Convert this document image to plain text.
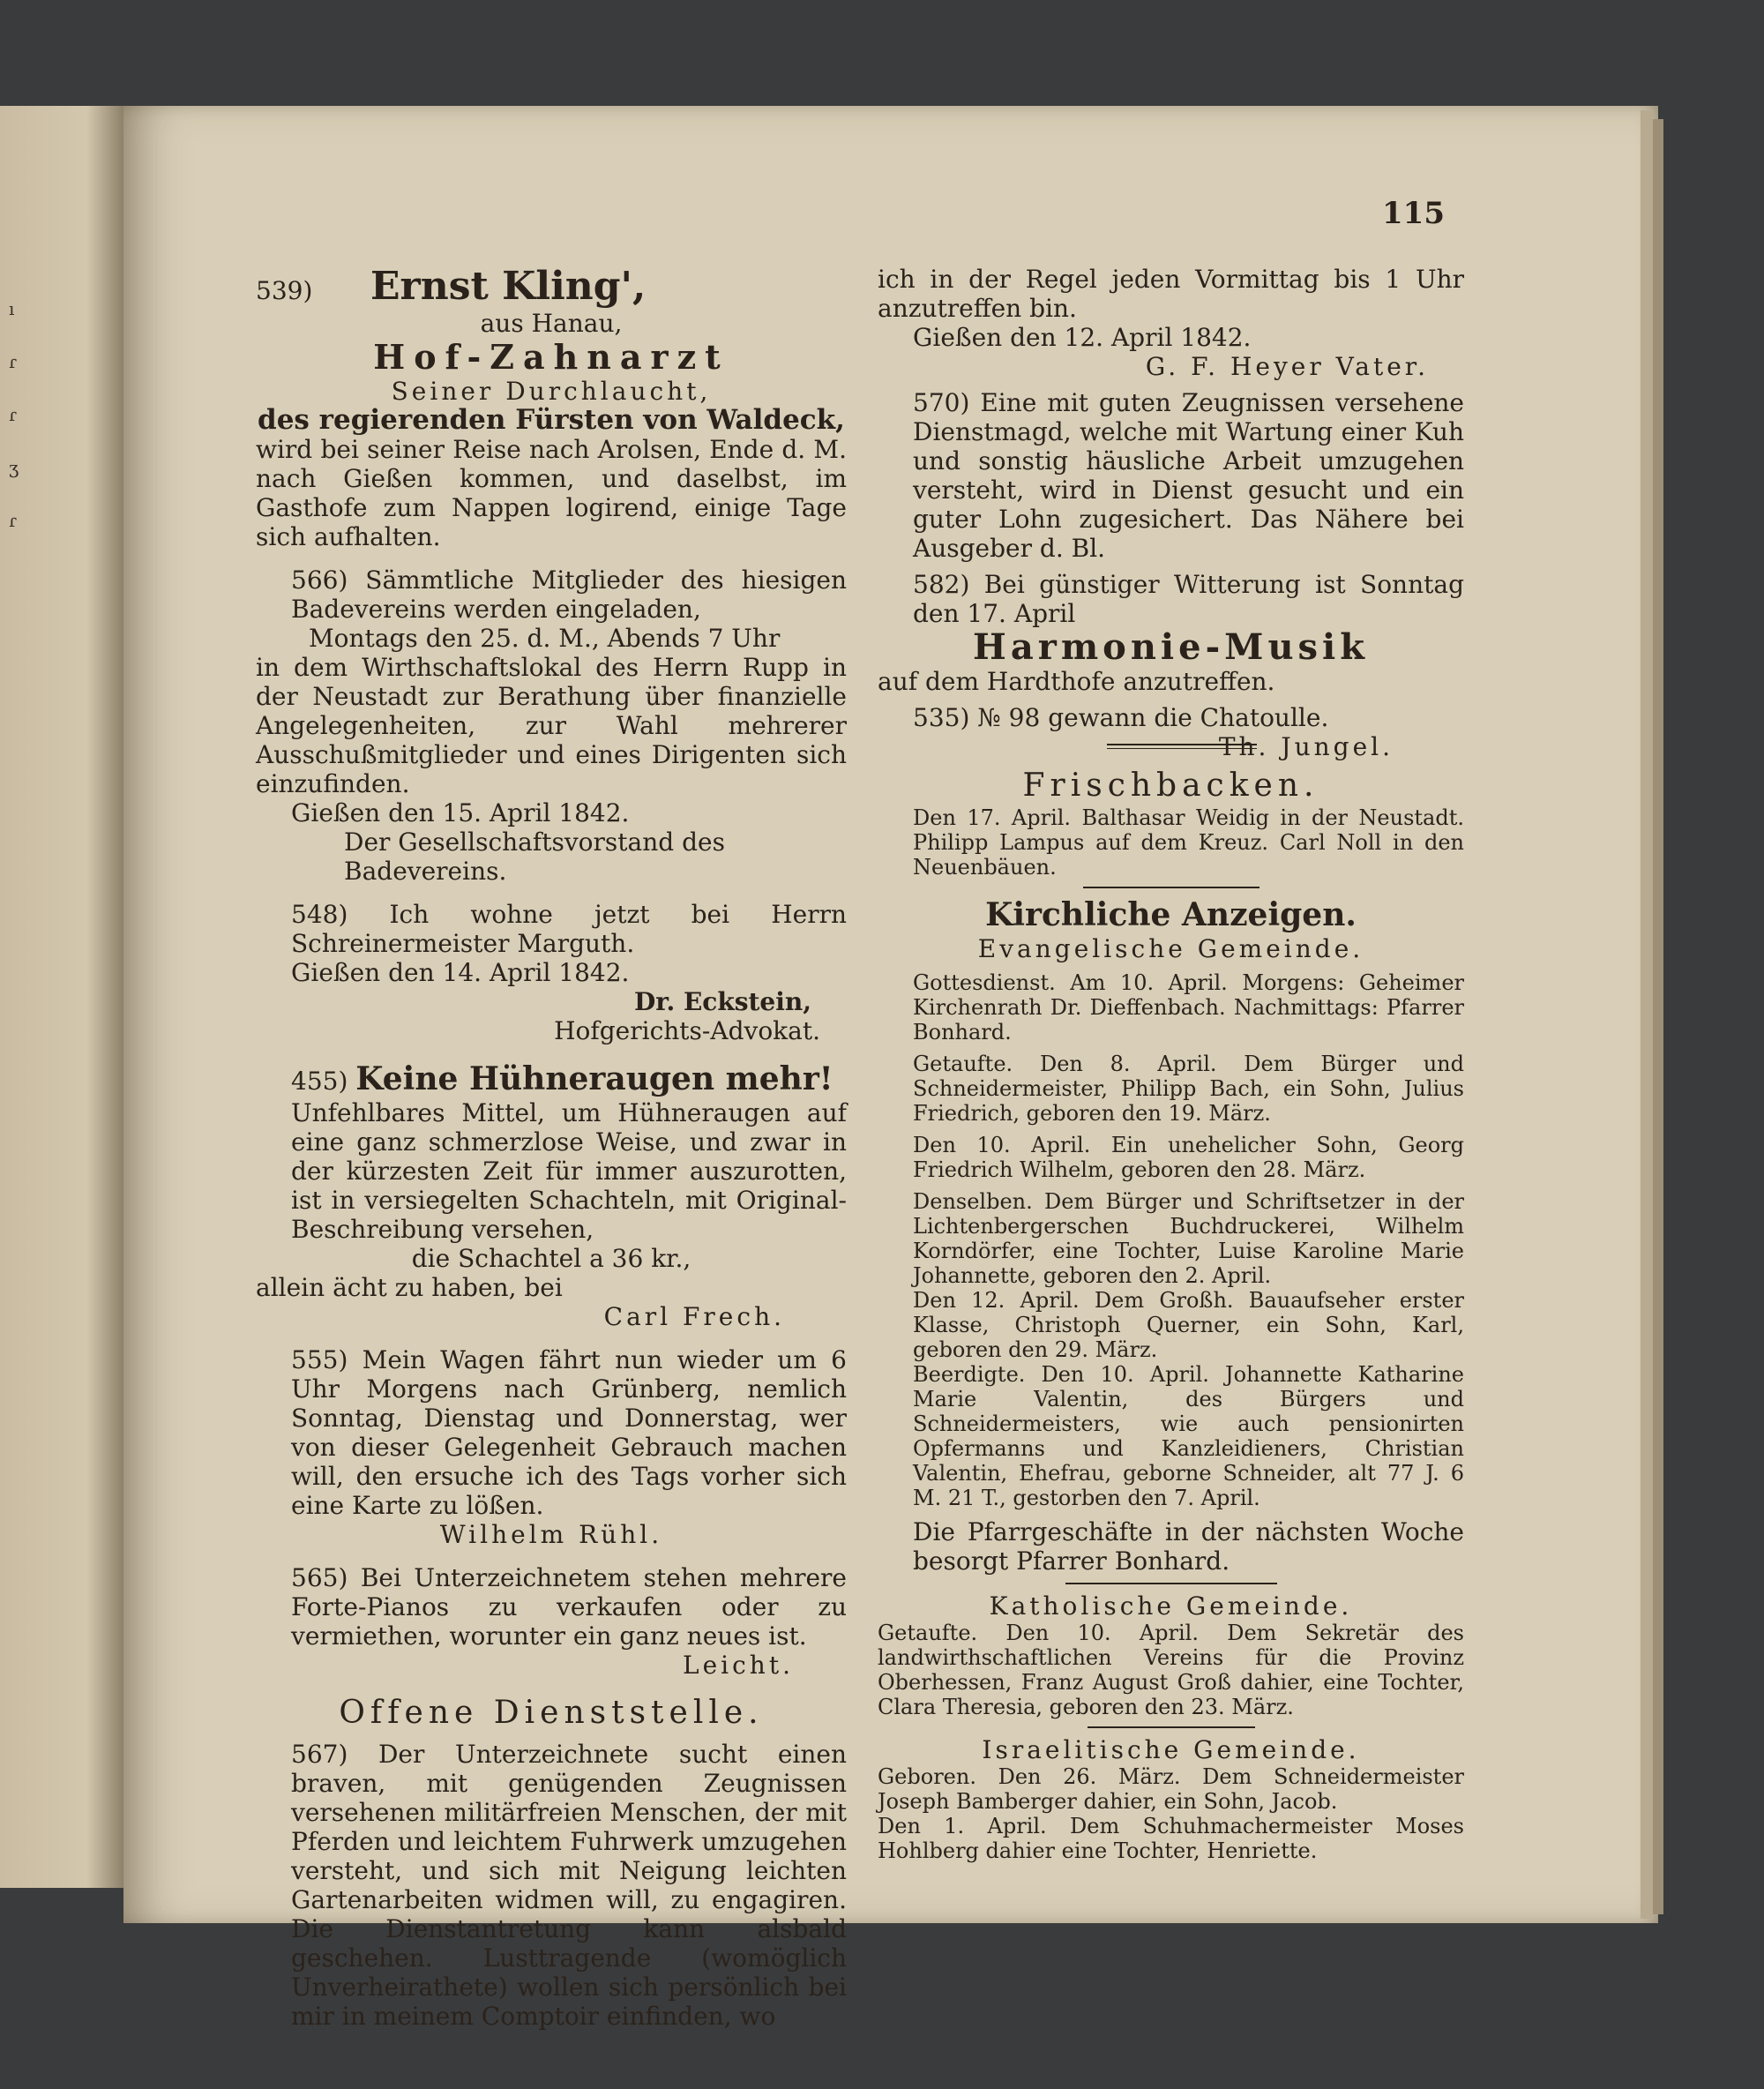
ı
ɾ
ɾ
ʒ
ɾ
115

539) Ernst Kling',

aus Hanau,

Hof-Zahnarzt

Seiner Durchlaucht,

des regierenden Fürsten von Waldeck,

wird bei seiner Reise nach Arolsen, Ende d. M. nach Gießen kommen, und daselbst, im Gasthofe zum Nappen logirend, einige Tage sich aufhalten.

566) Sämmtliche Mitglieder des hiesigen Badevereins werden eingeladen,

Montags den 25. d. M., Abends 7 Uhr

in dem Wirthschaftslokal des Herrn Rupp in der Neustadt zur Berathung über finanzielle Angelegenheiten, zur Wahl mehrerer Ausschußmitglieder und eines Dirigenten sich einzufinden.

Gießen den 15. April 1842.

Der Gesellschaftsvorstand des Badevereins.

548) Ich wohne jetzt bei Herrn Schreinermeister Marguth.

Gießen den 14. April 1842.

Dr. Eckstein,

Hofgerichts-Advokat.

455) Keine Hühneraugen mehr!

Unfehlbares Mittel, um Hühneraugen auf eine ganz schmerzlose Weise, und zwar in der kürzesten Zeit für immer auszurotten, ist in versiegelten Schachteln, mit Original-Beschreibung versehen,

die Schachtel a 36 kr.,

allein ächt zu haben, bei

Carl Frech.

555) Mein Wagen fährt nun wieder um 6 Uhr Morgens nach Grünberg, nemlich Sonntag, Dienstag und Donnerstag, wer von dieser Gelegenheit Gebrauch machen will, den ersuche ich des Tags vorher sich eine Karte zu lößen.

Wilhelm Rühl.

565) Bei Unterzeichnetem stehen mehrere Forte-Pianos zu verkaufen oder zu vermiethen, worunter ein ganz neues ist.

Leicht.

Offene Dienststelle.

567) Der Unterzeichnete sucht einen braven, mit genügenden Zeugnissen versehenen militärfreien Menschen, der mit Pferden und leichtem Fuhrwerk umzugehen versteht, und sich mit Neigung leichten Gartenarbeiten widmen will, zu engagiren. Die Dienstantretung kann alsbald geschehen. Lusttragende (womöglich Unverheirathete) wollen sich persönlich bei mir in meinem Comptoir einfinden, wo

ich in der Regel jeden Vormittag bis 1 Uhr anzutreffen bin.

Gießen den 12. April 1842.

G. F. Heyer Vater.

570) Eine mit guten Zeugnissen versehene Dienstmagd, welche mit Wartung einer Kuh und sonstig häusliche Arbeit umzugehen versteht, wird in Dienst gesucht und ein guter Lohn zugesichert. Das Nähere bei Ausgeber d. Bl.

582) Bei günstiger Witterung ist Sonntag den 17. April

Harmonie-Musik

auf dem Hardthofe anzutreffen.

535) № 98 gewann die Chatoulle.

Th. Jungel.

Frischbacken.

Den 17. April. Balthasar Weidig in der Neustadt. Philipp Lampus auf dem Kreuz. Carl Noll in den Neuenbäuen.

Kirchliche Anzeigen.

Evangelische Gemeinde.

Gottesdienst. Am 10. April. Morgens: Geheimer Kirchenrath Dr. Dieffenbach. Nachmittags: Pfarrer Bonhard.

Getaufte. Den 8. April. Dem Bürger und Schneidermeister, Philipp Bach, ein Sohn, Julius Friedrich, geboren den 19. März.

Den 10. April. Ein unehelicher Sohn, Georg Friedrich Wilhelm, geboren den 28. März.

Denselben. Dem Bürger und Schriftsetzer in der Lichtenbergerschen Buchdruckerei, Wilhelm Korndörfer, eine Tochter, Luise Karoline Marie Johannette, geboren den 2. April.

Den 12. April. Dem Großh. Bauaufseher erster Klasse, Christoph Querner, ein Sohn, Karl, geboren den 29. März.

Beerdigte. Den 10. April. Johannette Katharine Marie Valentin, des Bürgers und Schneidermeisters, wie auch pensionirten Opfermanns und Kanzleidieners, Christian Valentin, Ehefrau, geborne Schneider, alt 77 J. 6 M. 21 T., gestorben den 7. April.

Die Pfarrgeschäfte in der nächsten Woche besorgt Pfarrer Bonhard.

Katholische Gemeinde.

Getaufte. Den 10. April. Dem Sekretär des landwirthschaftlichen Vereins für die Provinz Oberhessen, Franz August Groß dahier, eine Tochter, Clara Theresia, geboren den 23. März.

Israelitische Gemeinde.

Geboren. Den 26. März. Dem Schneidermeister Joseph Bamberger dahier, ein Sohn, Jacob.

Den 1. April. Dem Schuhmachermeister Moses Hohlberg dahier eine Tochter, Henriette.
